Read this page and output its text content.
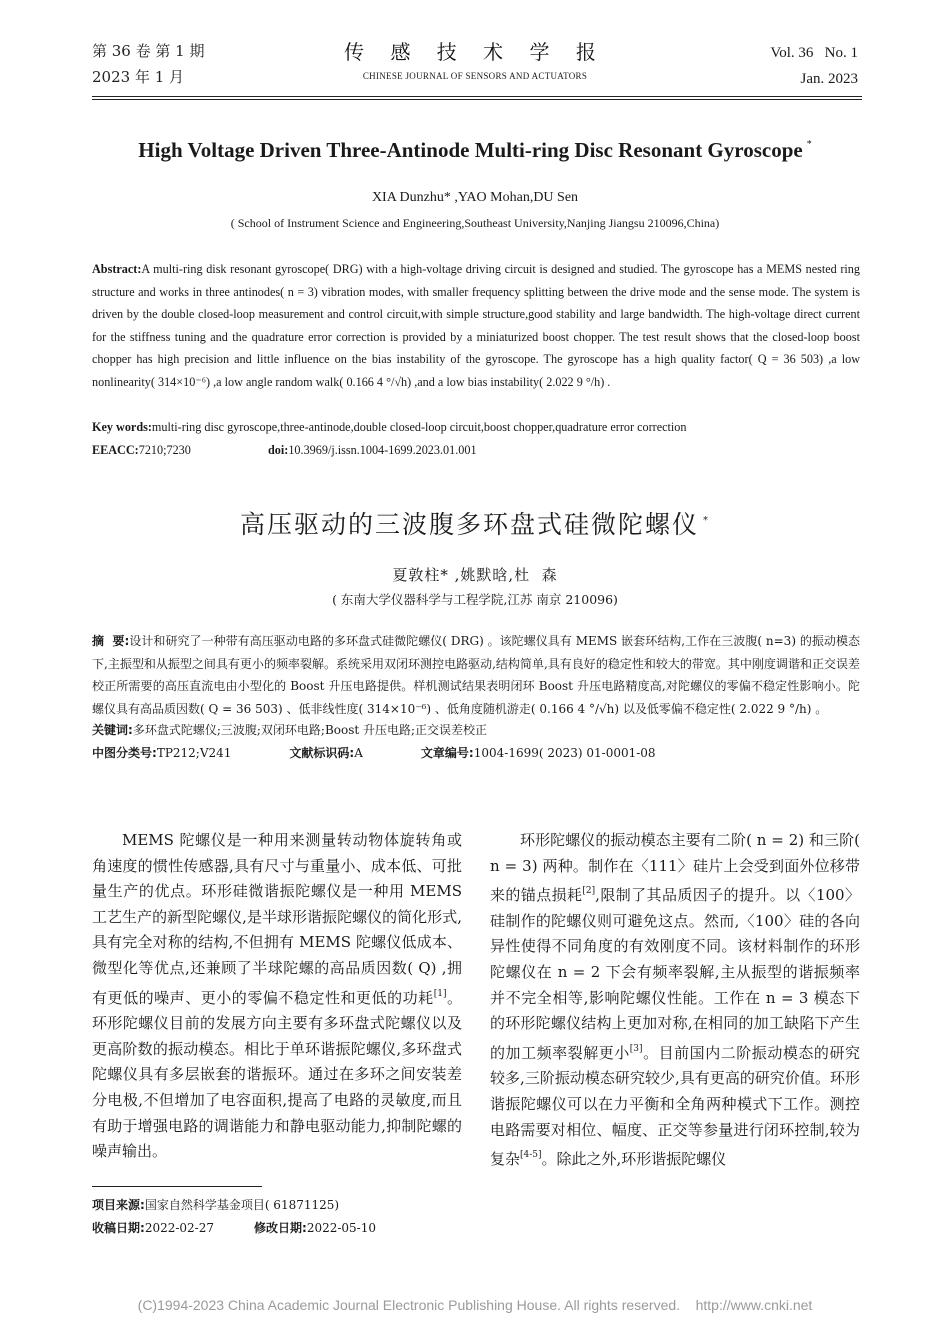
第 36 卷 第 1 期
2023 年 1 月
传 感 技 术 学 报
CHINESE JOURNAL OF SENSORS AND ACTUATORS
Vol. 36   No. 1
Jan. 2023
High Voltage Driven Three-Antinode Multi-ring Disc Resonant Gyroscope *
XIA Dunzhu* ,YAO Mohan,DU Sen
( School of Instrument Science and Engineering,Southeast University,Nanjing Jiangsu 210096,China)
Abstract:A multi-ring disk resonant gyroscope( DRG) with a high-voltage driving circuit is designed and studied. The gyroscope has a MEMS nested ring structure and works in three antinodes( n = 3) vibration modes, with smaller frequency splitting between the drive mode and the sense mode. The system is driven by the double closed-loop measurement and control circuit,with simple structure,good stability and large bandwidth. The high-voltage direct current for the stiffness tuning and the quadrature error correction is provided by a miniaturized boost chopper. The test result shows that the closed-loop boost chopper has high precision and little influence on the bias instability of the gyroscope. The gyroscope has a high quality factor( Q = 36 503) ,a low nonlinearity( 314×10⁻⁶) ,a low angle random walk( 0.166 4 °/√h) ,and a low bias instability( 2.022 9 °/h) .
Key words:multi-ring disc gyroscope,three-antinode,double closed-loop circuit,boost chopper,quadrature error correction
EEACC:7210;7230	doi:10.3969/j.issn.1004-1699.2023.01.001
高压驱动的三波腹多环盘式硅微陀螺仪 *
夏敦柱* ,姚默晗,杜  森
( 东南大学仪器科学与工程学院,江苏 南京 210096)
摘  要:设计和研究了一种带有高压驱动电路的多环盘式硅微陀螺仪( DRG) 。该陀螺仪具有 MEMS 嵌套环结构,工作在三波腹( n=3) 的振动模态下,主振型和从振型之间具有更小的频率裂解。系统采用双闭环测控电路驱动,结构简单,具有良好的稳定性和较大的带宽。其中刚度调谐和正交误差校正所需要的高压直流电由小型化的 Boost 升压电路提供。样机测试结果表明闭环 Boost 升压电路精度高,对陀螺仪的零偏不稳定性影响小。陀螺仪具有高品质因数( Q = 36 503) 、低非线性度( 314×10⁻⁶) 、低角度随机游走( 0.166 4 °/√h) 以及低零偏不稳定性( 2.022 9 °/h) 。
关键词:多环盘式陀螺仪;三波腹;双闭环电路;Boost 升压电路;正交误差校正
中图分类号:TP212;V241	文献标识码:A	文章编号:1004-1699( 2023) 01-0001-08

MEMS 陀螺仪是一种用来测量转动物体旋转角或角速度的惯性传感器,具有尺寸与重量小、成本低、可批量生产的优点。环形硅微谐振陀螺仪是一种用 MEMS 工艺生产的新型陀螺仪,是半球形谐振陀螺仪的简化形式,具有完全对称的结构,不但拥有 MEMS 陀螺仪低成本、微型化等优点,还兼顾了半球陀螺的高品质因数( Q) ,拥有更低的噪声、更小的零偏不稳定性和更低的功耗[1]。环形陀螺仪目前的发展方向主要有多环盘式陀螺仪以及更高阶数的振动模态。相比于单环谐振陀螺仪,多环盘式陀螺仪具有多层嵌套的谐振环。通过在多环之间安装差分电极,不但增加了电容面积,提高了电路的灵敏度,而且有助于增强电路的调谐能力和静电驱动能力,抑制陀螺的噪声输出。

环形陀螺仪的振动模态主要有二阶( n = 2) 和三阶( n = 3) 两种。制作在〈111〉硅片上会受到面外位移带来的锚点损耗[2],限制了其品质因子的提升。以〈100〉硅制作的陀螺仪则可避免这点。然而,〈100〉硅的各向异性使得不同角度的有效刚度不同。该材料制作的环形陀螺仪在 n = 2 下会有频率裂解,主从振型的谐振频率并不完全相等,影响陀螺仪性能。工作在 n = 3 模态下的环形陀螺仪结构上更加对称,在相同的加工缺陷下产生的加工频率裂解更小[3]。目前国内二阶振动模态的研究较多,三阶振动模态研究较少,具有更高的研究价值。环形谐振陀螺仪可以在力平衡和全角两种模式下工作。测控电路需要对相位、幅度、正交等参量进行闭环控制,较为复杂[4-5]。除此之外,环形谐振陀螺仪

项目来源:国家自然科学基金项目( 61871125)
收稿日期:2022-02-27	修改日期:2022-05-10
(C)1994-2023 China Academic Journal Electronic Publishing House. All rights reserved.    http://www.cnki.net
